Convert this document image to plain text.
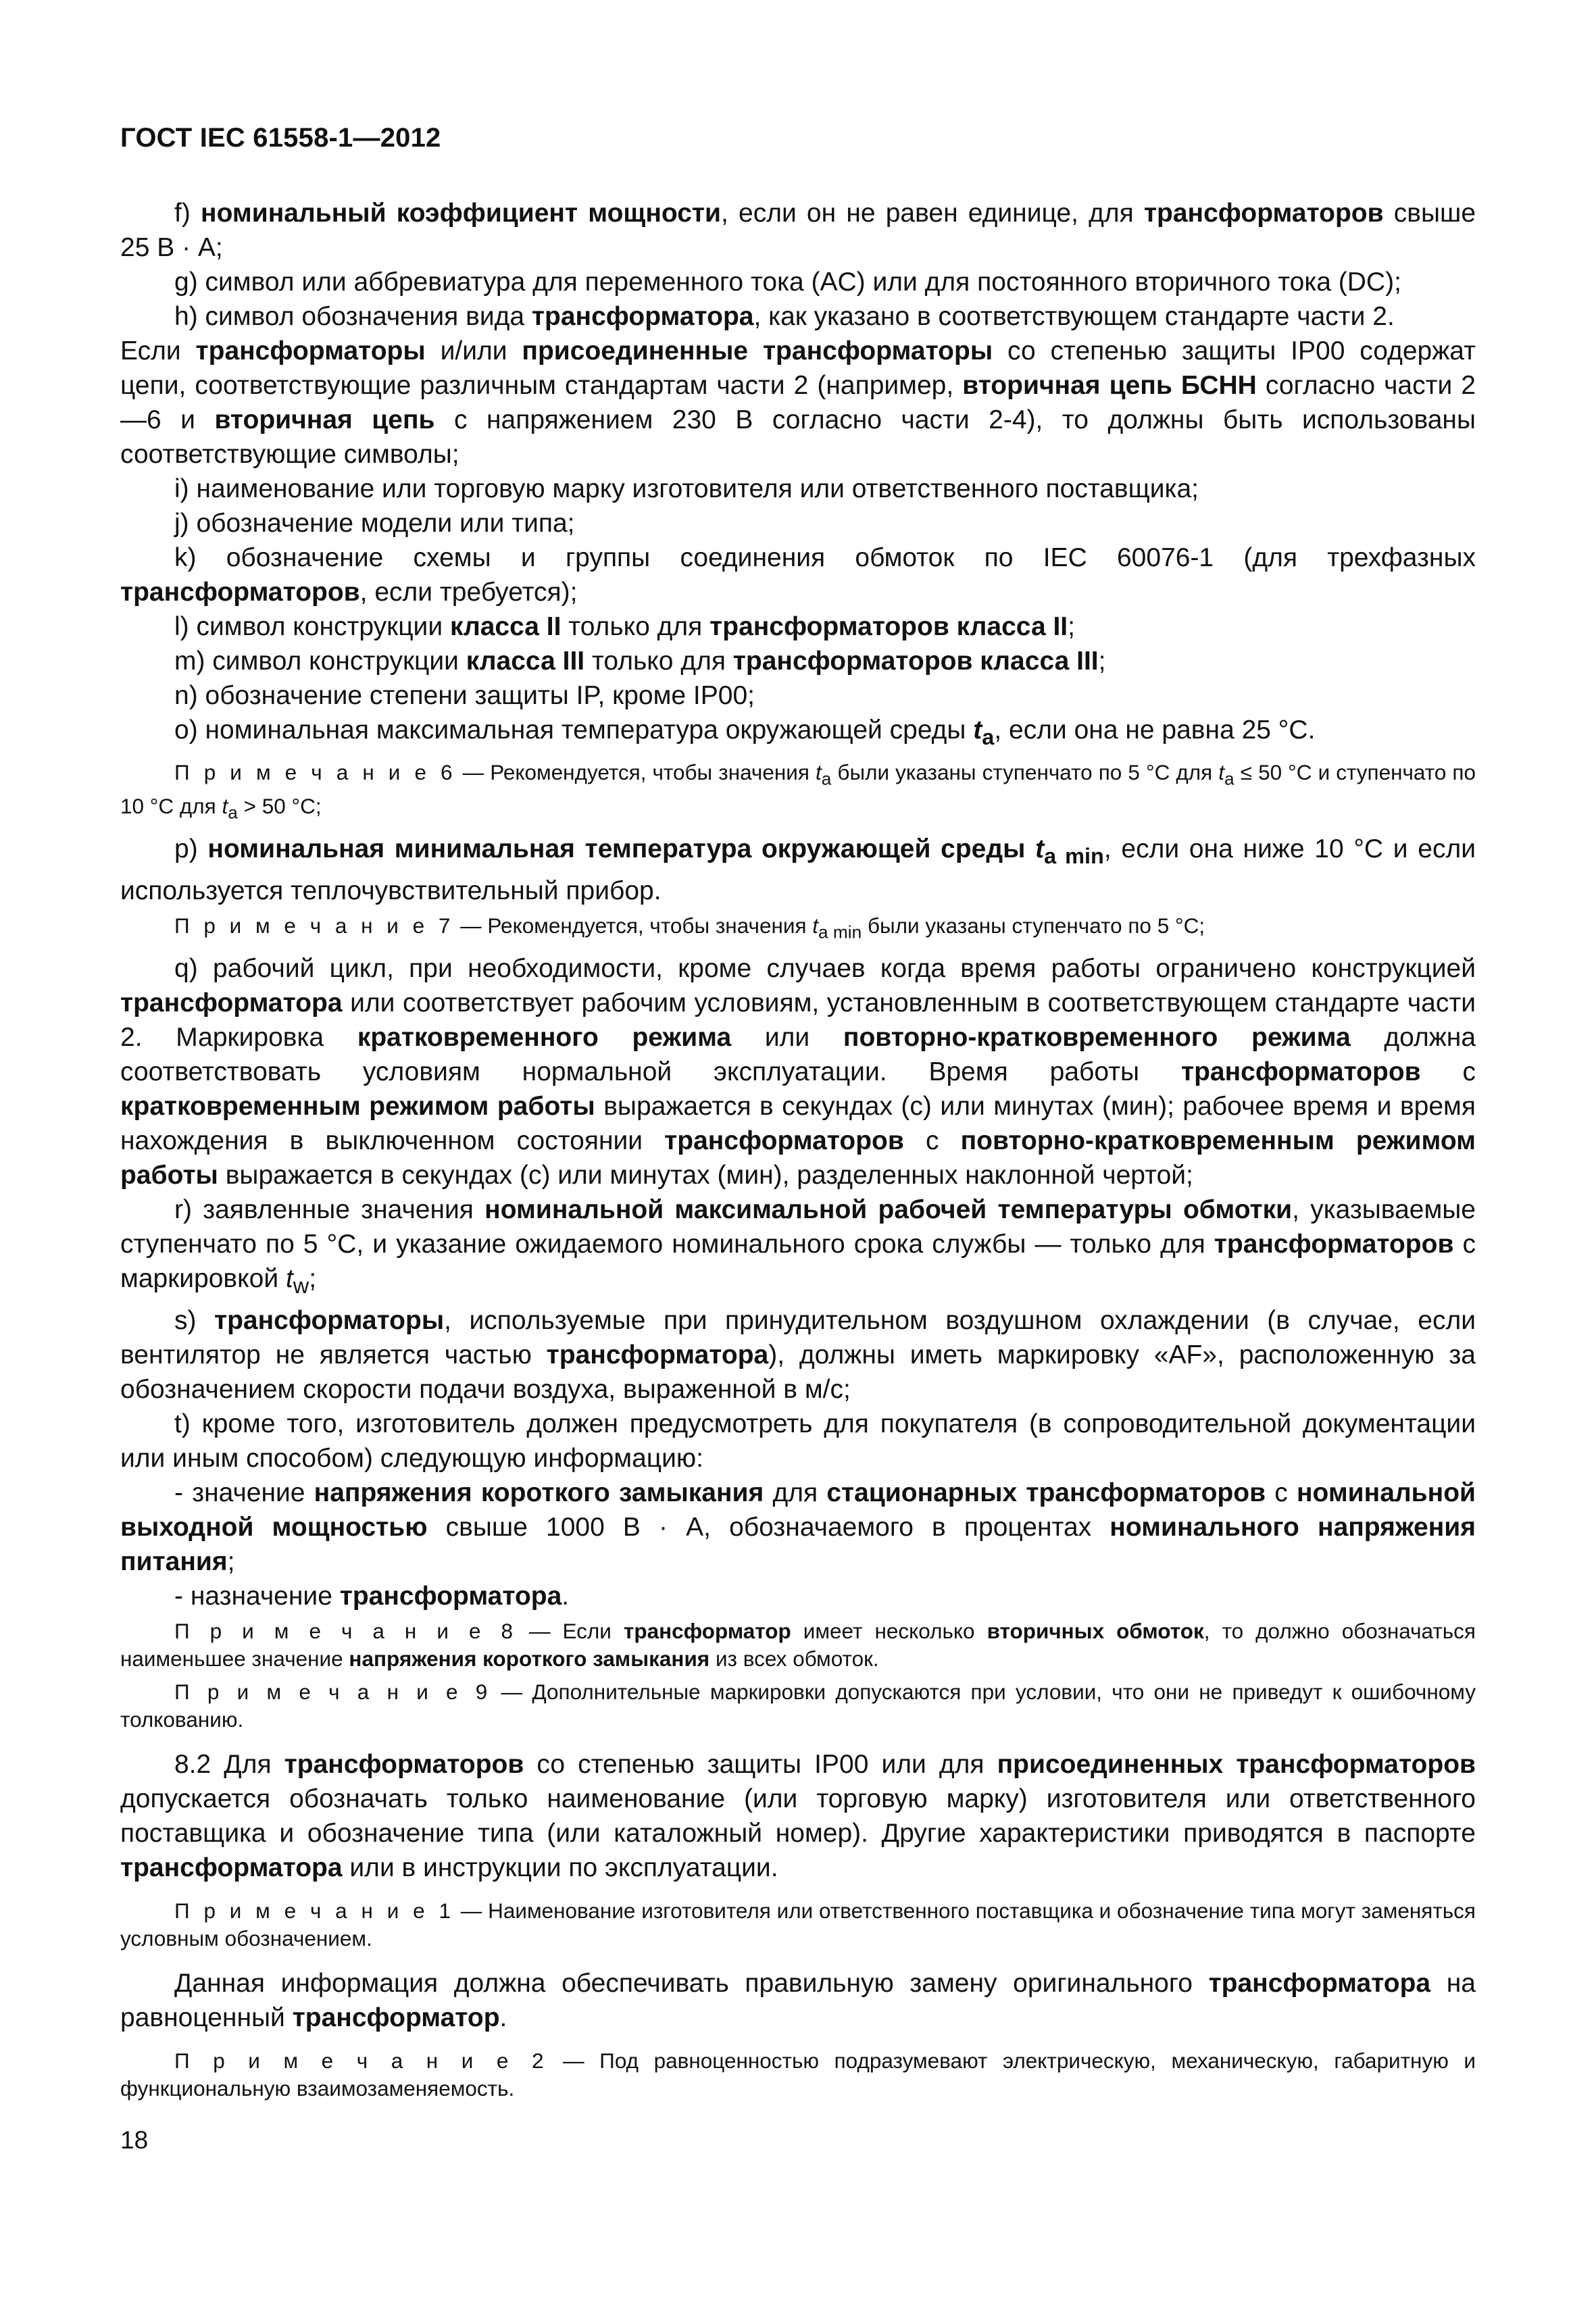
ГОСТ IEC 61558-1—2012

f) номинальный коэффициент мощности, если он не равен единице, для трансформаторов свыше 25 В · А;

g) символ или аббревиатура для переменного тока (AC) или для постоянного вторичного тока (DC);

h) символ обозначения вида трансформатора, как указано в соответствующем стандарте части 2.

Если трансформаторы и/или присоединенные трансформаторы со степенью защиты IP00 содержат цепи, соответствующие различным стандартам части 2 (например, вторичная цепь БСНН согласно части 2—6 и вторичная цепь с напряжением 230 В согласно части 2-4), то должны быть использованы соответствующие символы;

i) наименование или торговую марку изготовителя или ответственного поставщика;

j) обозначение модели или типа;

k) обозначение схемы и группы соединения обмоток по IEC 60076-1 (для трехфазных трансформаторов, если требуется);

l) символ конструкции класса II только для трансформаторов класса II;

m) символ конструкции класса III только для трансформаторов класса III;

n) обозначение степени защиты IP, кроме IP00;

o) номинальная максимальная температура окружающей среды $t_a$, если она не равна 25 °C.

П р и м е ч а н и е 6 — Рекомендуется, чтобы значения $t_a$ были указаны ступенчато по 5 °C для $t_a \le 50$ °C и ступенчато по 10 °C для $t_a > 50$ °C;

p) номинальная минимальная температура окружающей среды $t_{a min}$, если она ниже 10 °C и если используется теплочувствительный прибор.

П р и м е ч а н и е 7 — Рекомендуется, чтобы значения $t_{a min}$ были указаны ступенчато по 5 °C;

q) рабочий цикл, при необходимости, кроме случаев когда время работы ограничено конструкцией трансформатора или соответствует рабочим условиям, установленным в соответствующем стандарте части 2. Маркировка кратковременного режима или повторно-кратковременного режима должна соответствовать условиям нормальной эксплуатации. Время работы трансформаторов с кратковременным режимом работы выражается в секундах (с) или минутах (мин); рабочее время и время нахождения в выключенном состоянии трансформаторов с повторно-кратковременным режимом работы выражается в секундах (с) или минутах (мин), разделенных наклонной чертой;

r) заявленные значения номинальной максимальной рабочей температуры обмотки, указываемые ступенчато по 5 °C, и указание ожидаемого номинального срока службы — только для трансформаторов с маркировкой $t_w$;

s) трансформаторы, используемые при принудительном воздушном охлаждении (в случае, если вентилятор не является частью трансформатора), должны иметь маркировку «AF», расположенную за обозначением скорости подачи воздуха, выраженной в м/с;

t) кроме того, изготовитель должен предусмотреть для покупателя (в сопроводительной документации или иным способом) следующую информацию:

- значение напряжения короткого замыкания для стационарных трансформаторов с номинальной выходной мощностью свыше 1000 В · А, обозначаемого в процентах номинального напряжения питания;

- назначение трансформатора.

П р и м е ч а н и е 8 — Если трансформатор имеет несколько вторичных обмоток, то должно обозначаться наименьшее значение напряжения короткого замыкания из всех обмоток.

П р и м е ч а н и е 9 — Дополнительные маркировки допускаются при условии, что они не приведут к ошибочному толкованию.

8.2 Для трансформаторов со степенью защиты IP00 или для присоединенных трансформаторов допускается обозначать только наименование (или торговую марку) изготовителя или ответственного поставщика и обозначение типа (или каталожный номер). Другие характеристики приводятся в паспорте трансформатора или в инструкции по эксплуатации.

П р и м е ч а н и е 1 — Наименование изготовителя или ответственного поставщика и обозначение типа могут заменяться условным обозначением.

Данная информация должна обеспечивать правильную замену оригинального трансформатора на равноценный трансформатор.

П р и м е ч а н и е 2 — Под равноценностью подразумевают электрическую, механическую, габаритную и функциональную взаимозаменяемость.

18
